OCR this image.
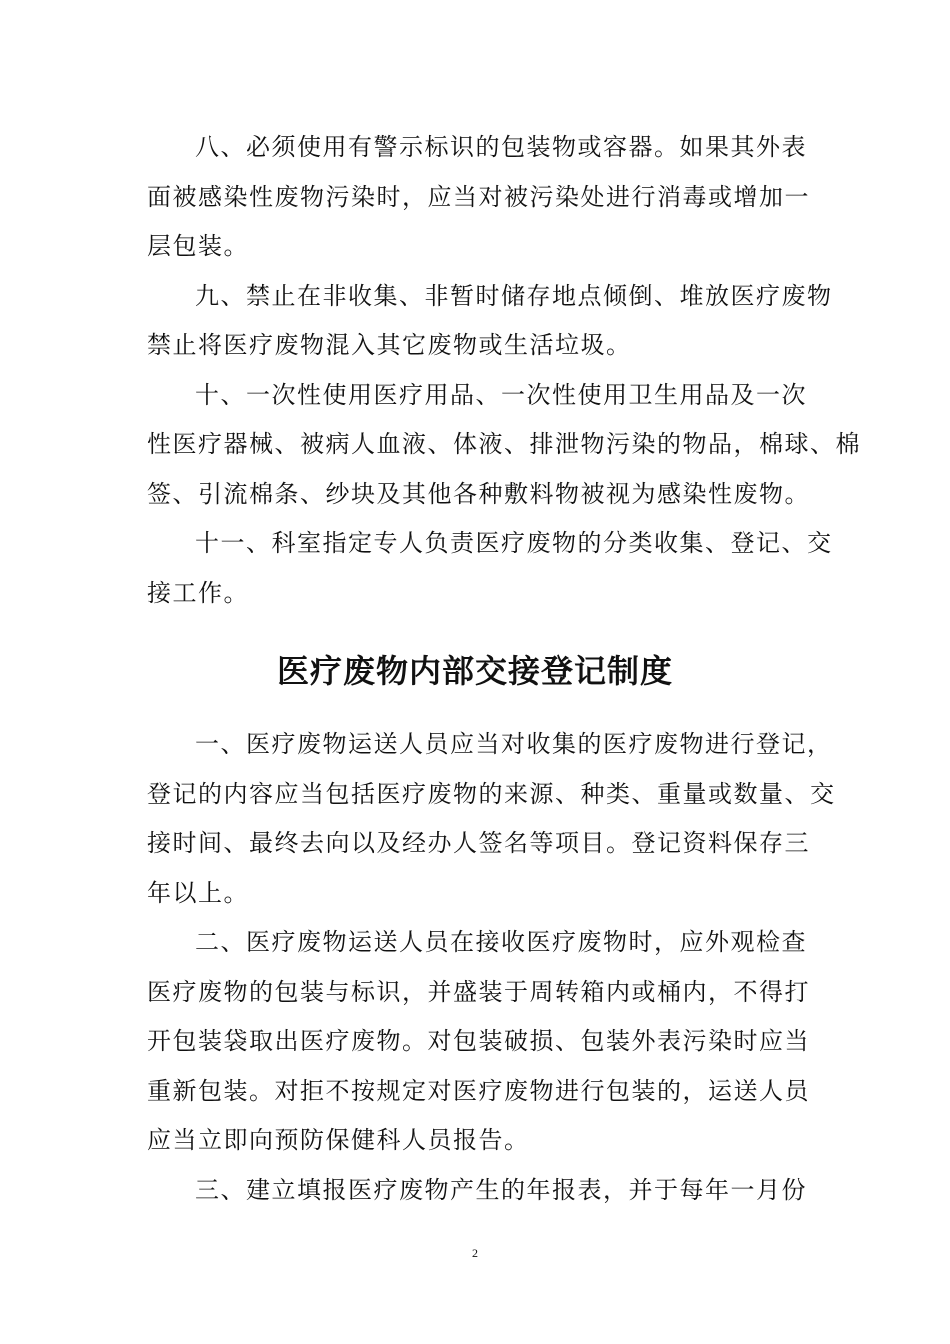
八、必须使用有警示标识的包装物或容器。如果其外表
面被感染性废物污染时，应当对被污染处进行消毒或增加一
层包装。
九、禁止在非收集、非暂时储存地点倾倒、堆放医疗废物
禁止将医疗废物混入其它废物或生活垃圾。
十、一次性使用医疗用品、一次性使用卫生用品及一次
性医疗器械、被病人血液、体液、排泄物污染的物品，棉球、棉
签、引流棉条、纱块及其他各种敷料物被视为感染性废物。
十一、科室指定专人负责医疗废物的分类收集、登记、交
接工作。
医疗废物内部交接登记制度
一、医疗废物运送人员应当对收集的医疗废物进行登记，
登记的内容应当包括医疗废物的来源、种类、重量或数量、交
接时间、最终去向以及经办人签名等项目。登记资料保存三
年以上。
二、医疗废物运送人员在接收医疗废物时，应外观检查
医疗废物的包装与标识，并盛装于周转箱内或桶内，不得打
开包装袋取出医疗废物。对包装破损、包装外表污染时应当
重新包装。对拒不按规定对医疗废物进行包装的，运送人员
应当立即向预防保健科人员报告。
三、建立填报医疗废物产生的年报表，并于每年一月份
2
